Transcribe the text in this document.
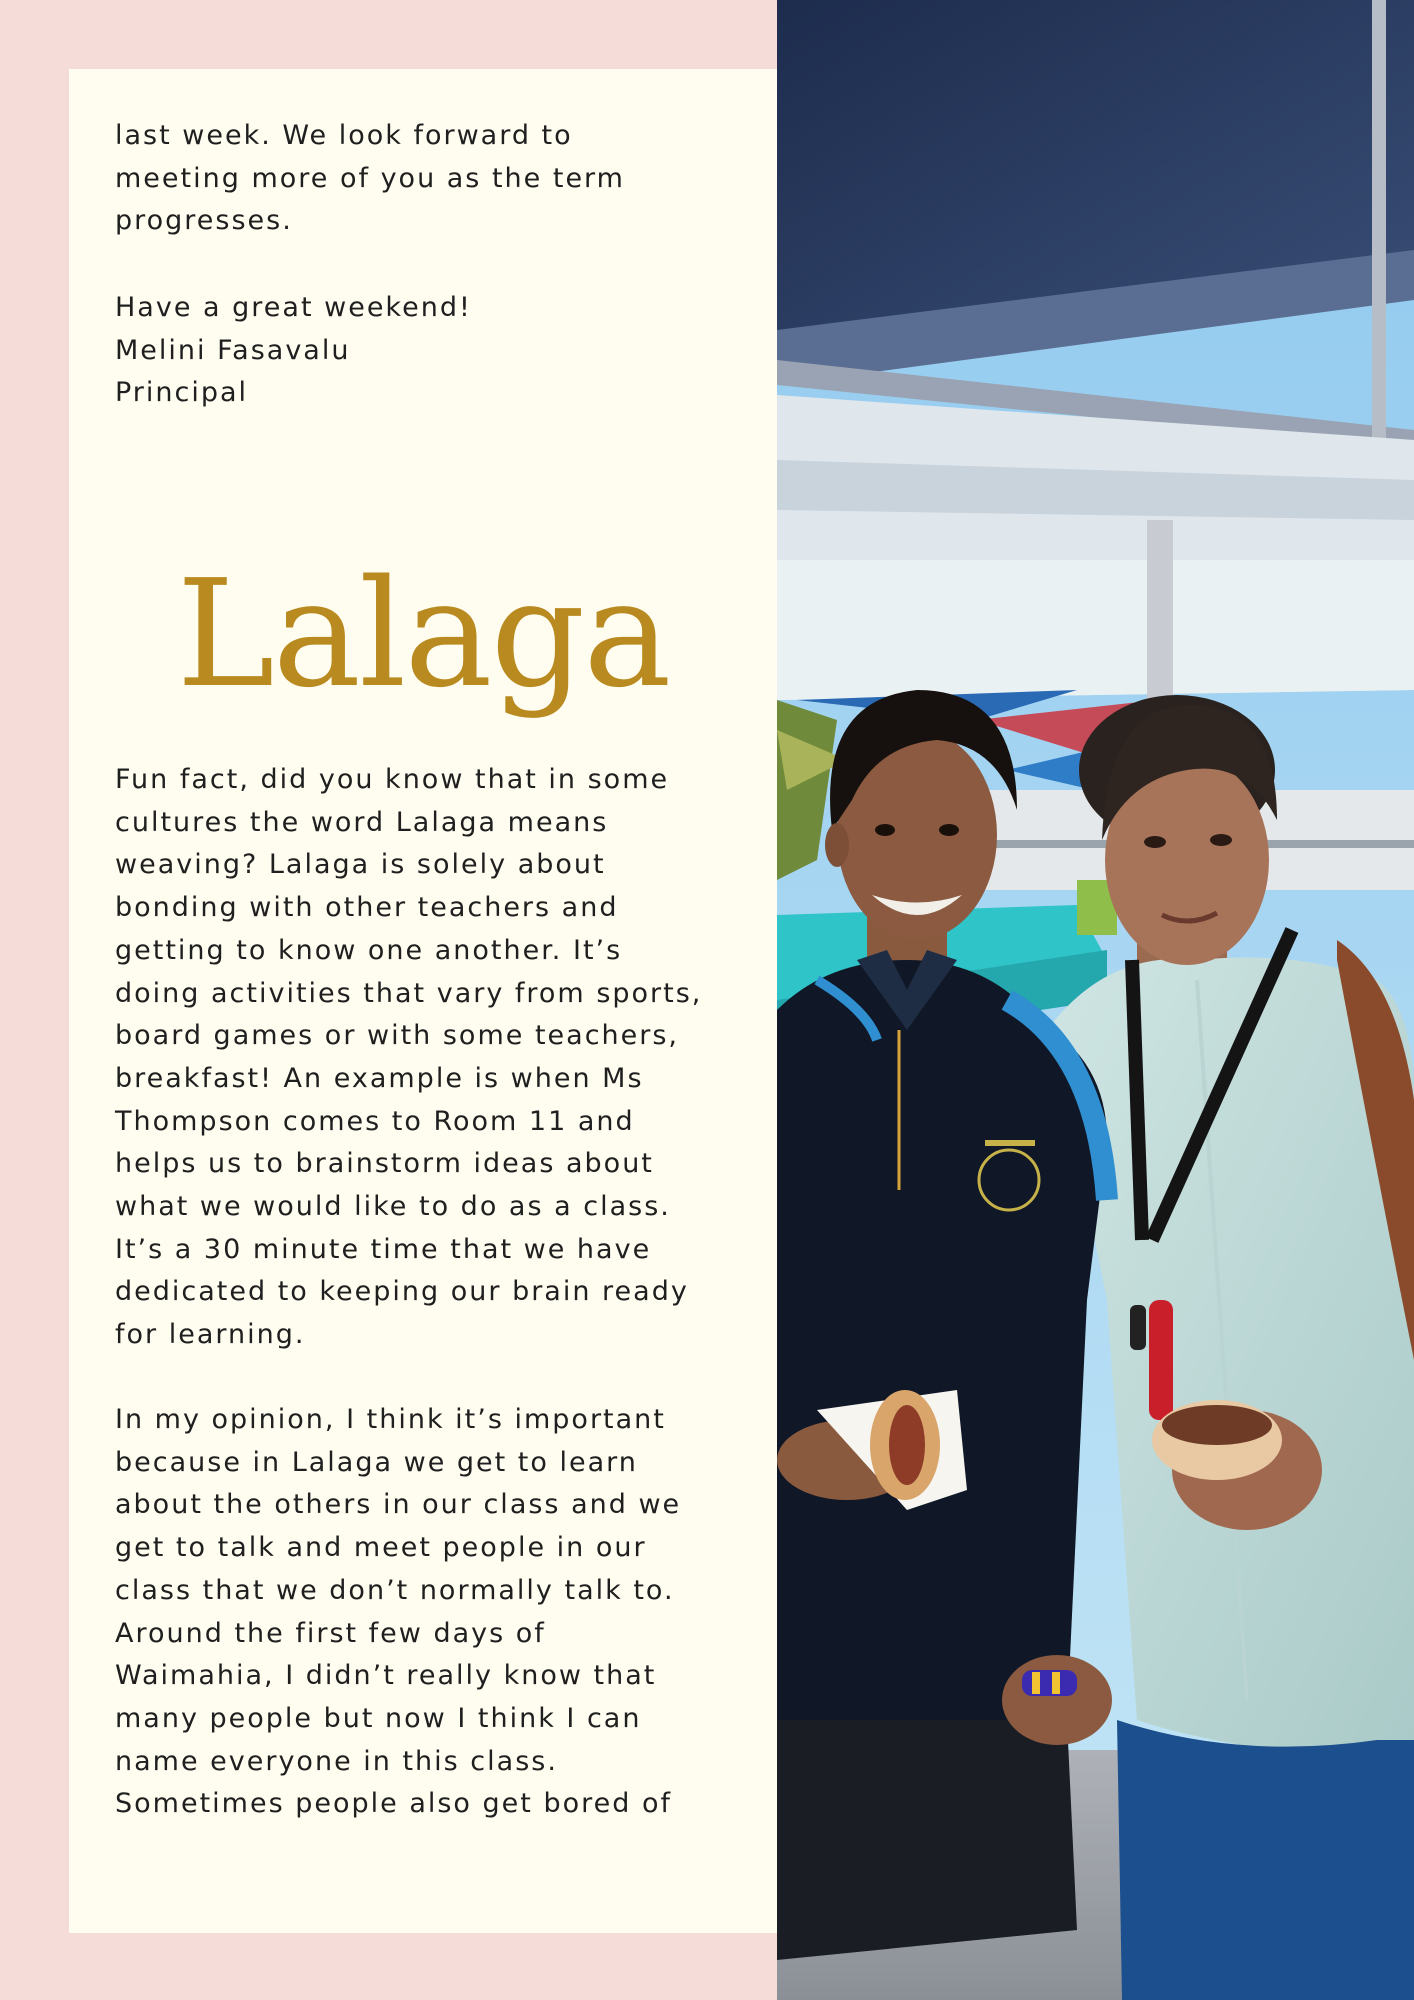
last week. We look forward to
meeting more of you as the term
progresses.

Have a great weekend!
Melini Fasavalu
Principal

Lalaga

Fun fact, did you know that in some
cultures the word Lalaga means
weaving? Lalaga is solely about
bonding with other teachers and
getting to know one another. It’s
doing activities that vary from sports,
board games or with some teachers,
breakfast! An example is when Ms
Thompson comes to Room 11 and
helps us to brainstorm ideas about
what we would like to do as a class.
It’s a 30 minute time that we have
dedicated to keeping our brain ready
for learning.

In my opinion, I think it’s important
because in Lalaga we get to learn
about the others in our class and we
get to talk and meet people in our
class that we don’t normally talk to.
Around the first few days of
Waimahia, I didn’t really know that
many people but now I think I can
name everyone in this class.
Sometimes people also get bored of
